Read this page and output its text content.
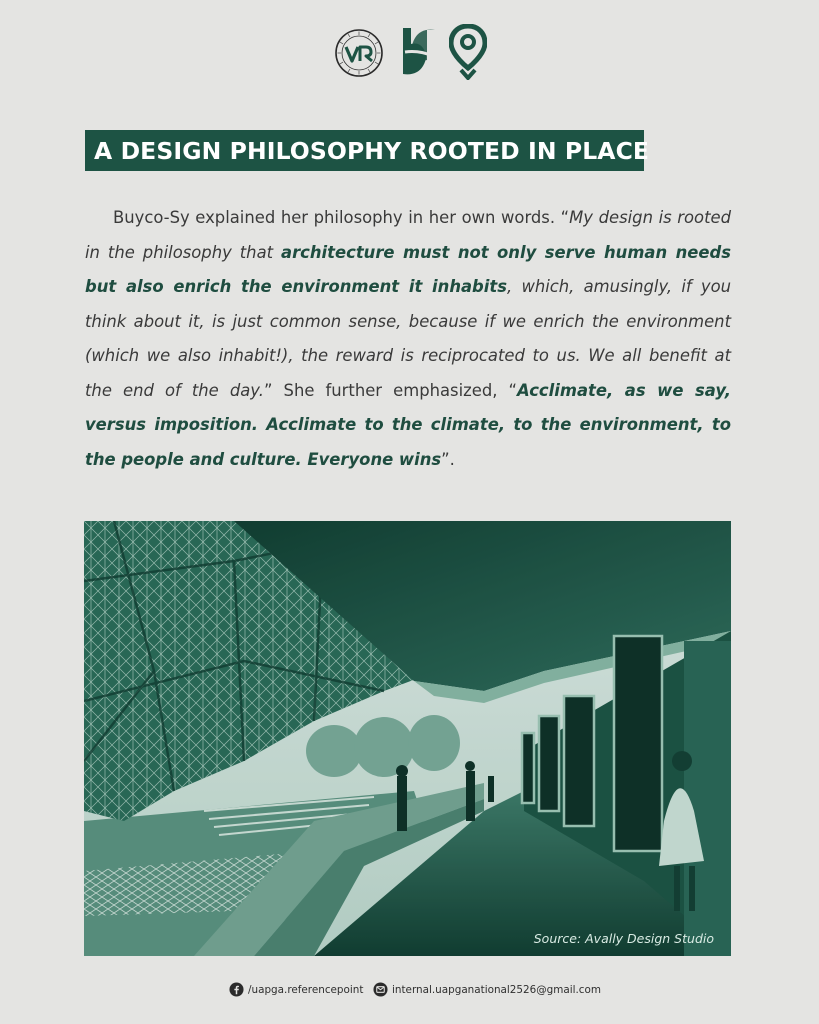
A DESIGN PHILOSOPHY ROOTED IN PLACE

Buyco-Sy explained her philosophy in her own words. “My design is rooted in the philosophy that architecture must not only serve human needs but also enrich the environment it inhabits, which, amusingly, if you think about it, is just common sense, because if we enrich the environment (which we also inhabit!), the reward is reciprocated to us. We all benefit at the end of the day.” She further emphasized, “Acclimate, as we say, versus imposition. Acclimate to the climate, to the environment, to the people and culture. Everyone wins”.

Source: Avally Design Studio
/uapga.referencepoint	internal.uapganational2526@gmail.com
